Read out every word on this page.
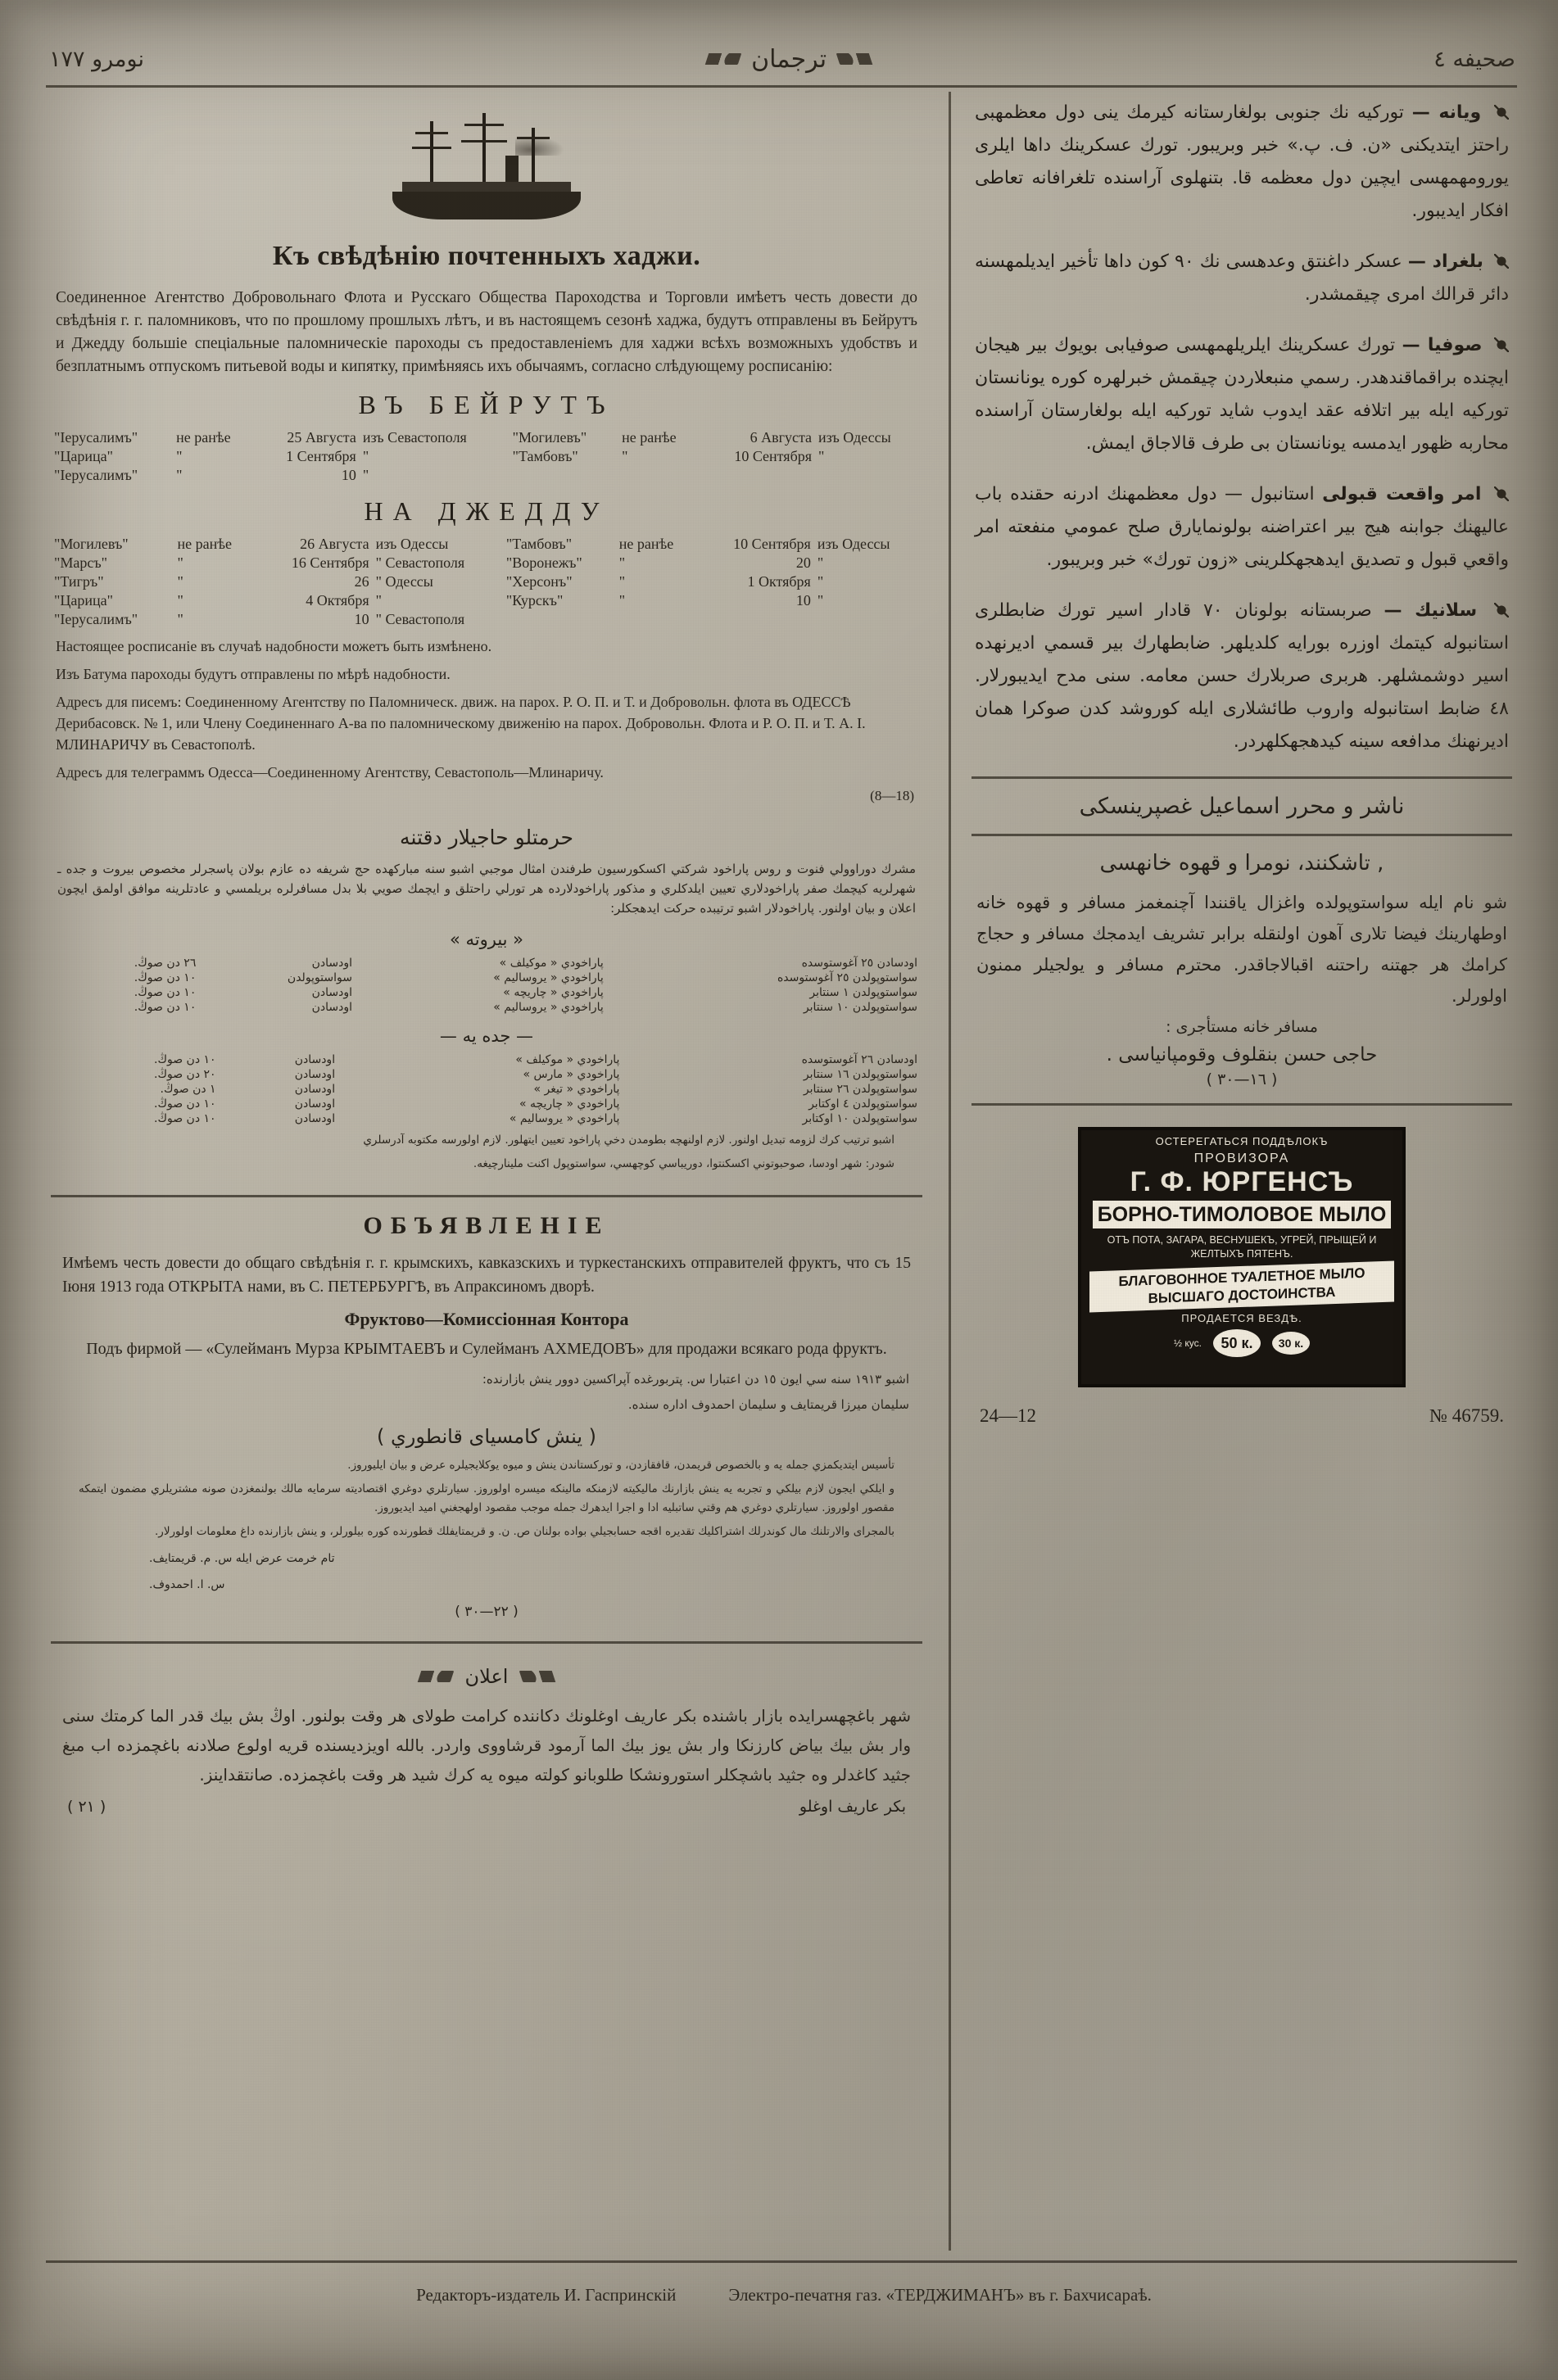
نومرو ۱۷۷	ترجمان	صحيفه ٤
Къ свѣдѣнію почтенныхъ хаджи.
Соединенное Агентство Добровольнаго Флота и Русскаго Общества Пароходства и Торговли имѣетъ честь довести до свѣдѣнія г. г. паломниковъ, что по прошлому прошлыхъ лѣтъ, и въ настоящемъ сезонѣ хаджа, будутъ отправлены въ Бейрутъ и Джедду большіе спеціальные паломническіе пароходы съ предоставленіемъ для хаджи всѣхъ возможныхъ удобствъ и безплатнымъ отпускомъ питьевой воды и кипятку, примѣняясь ихъ обычаямъ, согласно слѣдующему росписанію:
ВЪ БЕЙРУТЪ
"Іерусалимъ"	не ранѣе	25 Августа	изъ Севастополя	"Могилевъ"	не ранѣе	6 Августа	изъ Одессы
"Царица"	"	1 Сентября	"	"Тамбовъ"	"	10 Сентября	"
"Іерусалимъ"	"	10	"				
НА ДЖЕДДУ
"Могилевъ"	не ранѣе	26 Августа	изъ Одессы	"Тамбовъ"	не ранѣе	10 Сентября	изъ Одессы
"Марсъ"	"	16 Сентября	" Севастополя	"Воронежъ"	"	20	"
"Тигръ"	"	26	" Одессы	"Херсонъ"	"	1 Октября	"
"Царица"	"	4 Октября	"	"Курскъ"	"	10	"
"Іерусалимъ"	"	10	" Севастополя				
Настоящее росписаніе въ случаѣ надобности можетъ быть измѣнено.
Изъ Батума пароходы будутъ отправлены по мѣрѣ надобности.
Адресъ для писемъ: Соединенному Агентству по Паломническ. движ. на парох. Р. О. П. и Т. и Добровольн. флота въ ОДЕССѢ Дерибасовск. № 1, или Члену Соединеннаго А-ва по паломническому движенію на парох. Добровольн. Флота и Р. О. П. и Т. А. I. МЛИНАРИЧУ въ Севастополѣ.
Адресъ для телеграммъ Одесса—Соединенному Агентству, Севастополь—Млинаричу.
(8—18)
حرمتلو حاجيلار دقتنه
مشرك دوراوولي فنوت و روس پاراخود شركتي اكسكورسيون طرفندن امثال موجبي اشبو سنه مباركهده حج شريفه ده عازم بولان پاسجرلر مخصوص بيروت و جده ـ شهرلريه كيچمك صفر پاراخودلاري تعيين ايلدكلري و مذكور پاراخودلارده هر تورلي راحتلق و ايچمك صويي بلا بدل مسافرلره بريلمسي و عادتلرينه موافق اولمق ايچون اعلان و بيان اولنور. پاراخودلار اشبو ترتيبده حركت ايدهجكلر:
« بيروته »
اودسادن ٢٥ آغوستوسده	پاراخودي « موكيلف »	اودسادن	٢٦ دن صوڭ.
سواستوپولدن ٢٥ آغوستوسده	پاراخودي « يروسالیم »	سواستوپولدن	١٠ دن صوڭ.
سواستوپولدن ١ سنتابر	پاراخودي « چاريچه »	اودسادن	١٠ دن صوڭ.
سواستوپولدن ١٠ سنتابر	پاراخودي « يروسالیم »	اودسادن	١٠ دن صوڭ.
— جده یه —
اودسادن ٢٦ آغوستوسده	پاراخودي « موكيلف »	اودسادن	١٠ دن صوڭ.
سواستوپولدن ١٦ سنتابر	پاراخودي « مارس »	اودسادن	٢٠ دن صوڭ.
سواستوپولدن ٢٦ سنتابر	پاراخودي « تيغر »	اودسادن	١ دن صوڭ.
سواستوپولدن ٤ اوكتابر	پاراخودي « چاريچه »	اودسادن	١٠ دن صوڭ.
سواستوپولدن ١٠ اوكتابر	پاراخودي « يروسالیم »	اودسادن	١٠ دن صوڭ.
اشبو ترتيب كرك لزومه تبديل اولنور. لازم اولنهچه بطومدن دخي پاراخود تعيين ايتهلور. لازم اولورسه مكتوبه آدرسلري
شودر: شهر اودسا، صوحبوتوني اكسكنتوا، دوريباسي كوچهسي، سواستوپول اكنت ملينارچيغه.
ОБЪЯВЛЕНІЕ
Имѣемъ честь довести до общаго свѣдѣнія г. г. крымскихъ, кавказскихъ и туркестанскихъ отправителей фруктъ, что съ 15 Іюня 1913 года ОТКРЫТА нами, въ С. ПЕТЕРБУРГѢ, въ Апраксиномъ дворѣ.
Фруктово—Комиссіонная Контора
Подъ фирмой — «Сулейманъ Мурза КРЫМТАЕВЪ и Сулейманъ АХМЕДОВЪ» для продажи всякаго рода фруктъ.
اشبو ١٩١٣ سنه سي ايون ١٥ دن اعتبارا س. پتربورغده آپراكسين دوور ینش بازارنده:
سليمان ميرزا قريمتايف و سليمان احمدوف اداره سنده.
( ینش كامسياى قانطوري )
تأسيس ايتديكمزي جمله یه و بالخصوص قريمدن، قافقازدن، و توركستاندن ینش و ميوه يوكلايجيلره عرض و بيان ايلیوروز.
و ایلكي ایجون لازم بيلكي و تجربه یه ینش بازارنك ماليكيته لازمنكه مالينكه ميسره اولوروز. سيارتلري دوغري اقتصاديته سرمايه مالك بولنمغزدن صونه مشتريلري مضمون ايتمكه مقصور اولوروز. سيارتلري دوغري هم وقتي ساتبليه ادا و اجرا ايدهرك جمله موجب مقصود اولهجغني امید ايديوروز.
بالمجراى والارتلنك مال كوندرلك اشتراكليك تقديره اقجه حسابجيلي بواده بولنان ص. ن. و قريمتايفلك قطورنده كوره بيلورلر، و ینش بازارنده داغ معلومات اولورلار.
تام خرمت عرض ايله س. م. قريمتايف.
س. ا. احمدوف.
( ٢٢—٣٠ )
اعلان
شهر باغچهسرايده بازار باشنده بكر عاريف اوغلونك دكاننده كرامت طولاى هر وقت بولنور. اوڭ بش بيك قدر الما كرمتك سنى وار بش بيك بياض كارزنكا وار بش يوز بيك الما آرمود قرشاووى واردر. بالله اویزدیسنده قریه اولوع صلادنه باغچمزده اب مبغ جثید كاغدلر وه جثید باشچكلر استورونشكا طلوبانو كولته ميوه یه كرك شيد هر وقت باغچمزده. صانتقداينز.
بكر عاريف اوغلو
( ٢١ )
ويانه — توركيه نك جنوبى بولغارستانه كيرمك ينى دول معظمهبى راحتز ايتديكنى «ن. ف. پ.» خبر وبريبور. تورك عسكرينك داها ایلرى یورومهمهسى ايچين دول معظمه قا. بتنهلوى آراسنده تلغرافانه تعاطى افكار ايديبور.
بلغراد — عسكر داغنتق وعدهسى نك ٩٠ كون داها تأخير ايديلمهسنه دائر قرالك امرى چيقمشدر.
صوفیا — تورك عسكرينك ایلریلهمهسى صوفيابى بويوك بير هيجان ایچنده براقماقندهدر. رسمي منبعلاردن چيقمش خبرلهره كوره يونانستان توركيه ایله بير اتلافه عقد ايدوب شايد توركيه ایله بولغارستان آراسنده محاربه ظهور ایدمسه يونانستان بى طرف قالاجاق ايمش.
امر واقعت قبولى استانبول — دول معظمهنك ادرنه حقنده باب عاليهنك جوابنه هيج بير اعتراضنه بولونمايارق صلح عمومي منفعته امر واقعي قبول و تصديق ایدهجهكلرينى «زون تورك» خبر وبريبور.
سلانيك — صربستانه بولونان ٧٠ قادار اسير تورك ضابطلرى استانبوله كيتمك اوزره بورايه كلديلهر. ضابطهارك بير قسمي ادیرنهده اسير دوشمشلهر. هربرى صربلارك حسن معامه. سنى مدح ايديبورلار. ٤٨ ضابط استانبوله واروب طائشلارى ایله كوروشد كدن صوكرا همان ادیرنهنك مدافعه سينه كيدهجهكلهردر.
ناشر و محرر اسماعيل غصپرينسكى
, تاشكنند، نومرا و قهوه خانهسى
شو نام ایله سواستوپولده واغزال ياقنندا آچنمغمز مسافر و قهوه خانه اوطهارینك فيضا تلارى آهون اولنقله برابر تشريف ايدمجك مسافر و حجاج كرامك هر جهتنه راحتنه اقبالاجاقدر. محترم مسافر و يولجيلر ممنون اولورلر.
مسافر خانه مستأجرى :
حاجى حسن بنقلوف وقومپانياسى .
( ١٦—٣٠ )
ОСТЕРЕГАТЬСЯ ПОДДѢЛОКЪ
ПРОВИЗОРА
Г. Ф. ЮРГЕНСЪ
БОРНО-ТИМОЛОВОЕ МЫЛО
ОТЪ ПОТА, ЗАГАРА, ВЕСНУШЕКЪ, УГРЕЙ, ПРЫЩЕЙ И ЖЕЛТЫХЪ ПЯТЕНЪ.
БЛАГОВОННОЕ ТУАЛЕТНОЕ МЫЛО ВЫСШАГО ДОСТОИНСТВА
ПРОДАЕТСЯ ВЕЗДѢ.
½ кус.	50 к.	30 к.
24—12	№ 46759.
Редакторъ-издатель И. Гаспринскій	Электро-печатня газ. «ТЕРДЖИМАНЪ» въ г. Бахчисараѣ.
